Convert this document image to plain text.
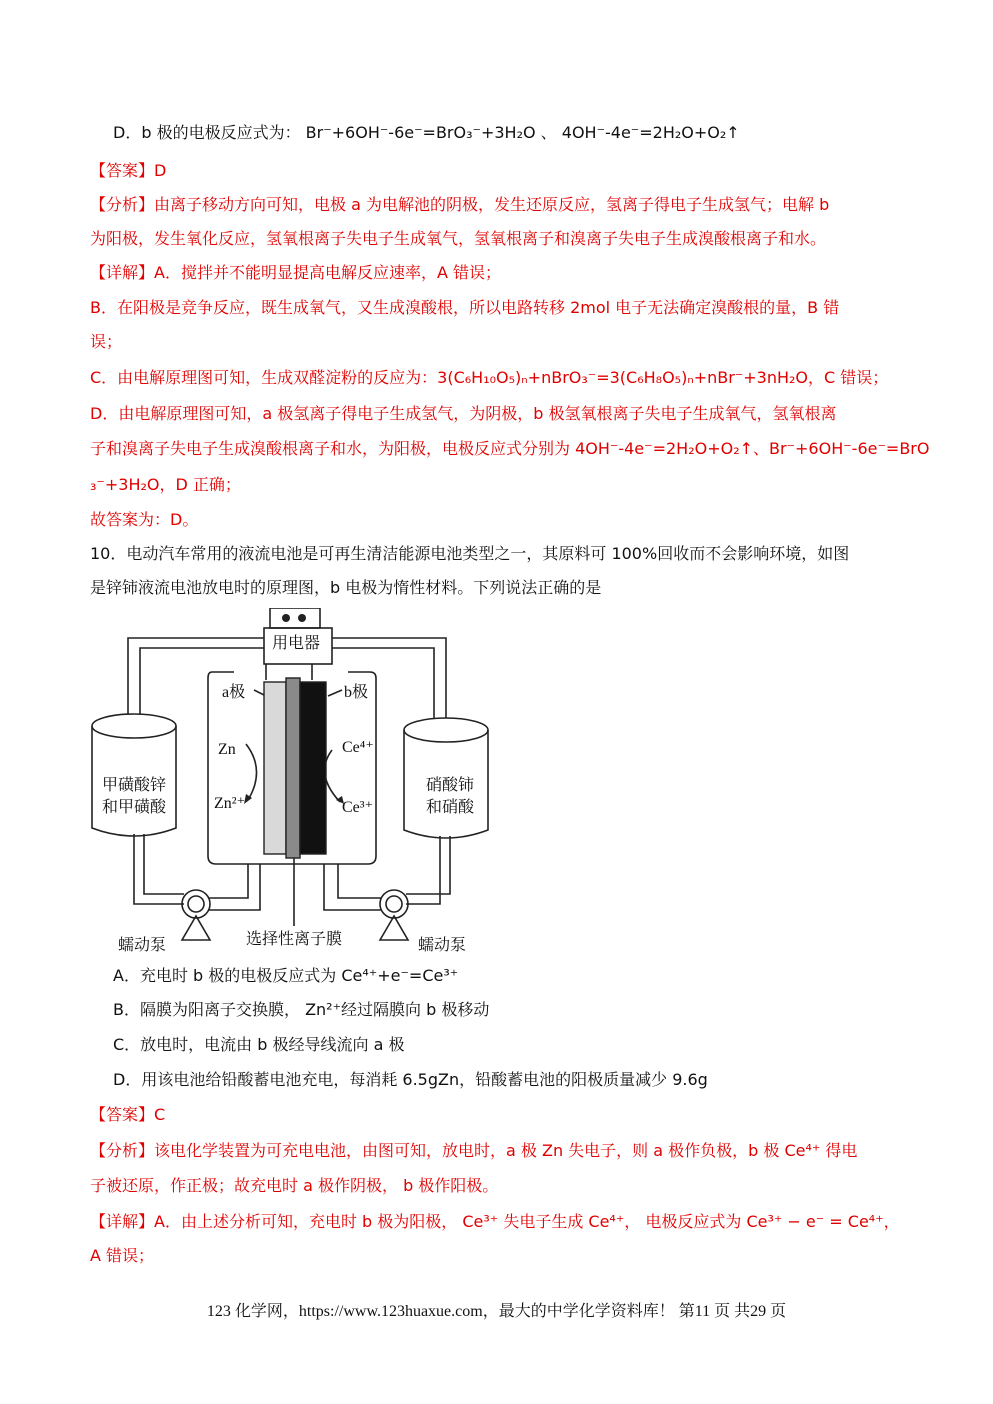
D．b 极的电极反应式为： Br⁻+6OH⁻-6e⁻=BrO₃⁻+3H₂O 、 4OH⁻-4e⁻=2H₂O+O₂↑
【答案】D
【分析】由离子移动方向可知，电极 a 为电解池的阴极，发生还原反应，氢离子得电子生成氢气；电解 b
为阳极，发生氧化反应，氢氧根离子失电子生成氧气，氢氧根离子和溴离子失电子生成溴酸根离子和水。
【详解】A．搅拌并不能明显提高电解反应速率，A 错误；
B．在阳极是竞争反应，既生成氧气，又生成溴酸根，所以电路转移 2mol 电子无法确定溴酸根的量，B 错
误；
C．由电解原理图可知，生成双醛淀粉的反应为：3(C₆H₁₀O₅)ₙ+nBrO₃⁻=3(C₆H₈O₅)ₙ+nBr⁻+3nH₂O，C 错误；
D．由电解原理图可知，a 极氢离子得电子生成氢气，为阴极，b 极氢氧根离子失电子生成氧气，氢氧根离
子和溴离子失电子生成溴酸根离子和水，为阳极，电极反应式分别为 4OH⁻-4e⁻=2H₂O+O₂↑、Br⁻+6OH⁻-6e⁻=BrO
₃⁻+3H₂O，D 正确；
故答案为：D。
10．电动汽车常用的液流电池是可再生清洁能源电池类型之一，其原料可 100%回收而不会影响环境，如图
是锌铈液流电池放电时的原理图，b 电极为惰性材料。下列说法正确的是
用电器
a极	b极
Zn
Zn²⁺
Ce⁴⁺
Ce³⁺
甲磺酸锌
和甲磺酸
硝酸铈
和硝酸
蠕动泵	蠕动泵
选择性离子膜
A．充电时 b 极的电极反应式为 Ce⁴⁺+e⁻=Ce³⁺
B．隔膜为阳离子交换膜， Zn²⁺经过隔膜向 b 极移动
C．放电时，电流由 b 极经导线流向 a 极
D．用该电池给铅酸蓄电池充电，每消耗 6.5gZn，铅酸蓄电池的阳极质量减少 9.6g
【答案】C
【分析】该电化学装置为可充电电池，由图可知，放电时，a 极 Zn 失电子，则 a 极作负极，b 极 Ce⁴⁺ 得电
子被还原，作正极；故充电时 a 极作阴极， b 极作阳极。
【详解】A．由上述分析可知，充电时 b 极为阳极， Ce³⁺ 失电子生成 Ce⁴⁺， 电极反应式为 Ce³⁺ − e⁻ = Ce⁴⁺，
A 错误；
123 化学网，https://www.123huaxue.com，最大的中学化学资料库！ 第11 页 共29 页
